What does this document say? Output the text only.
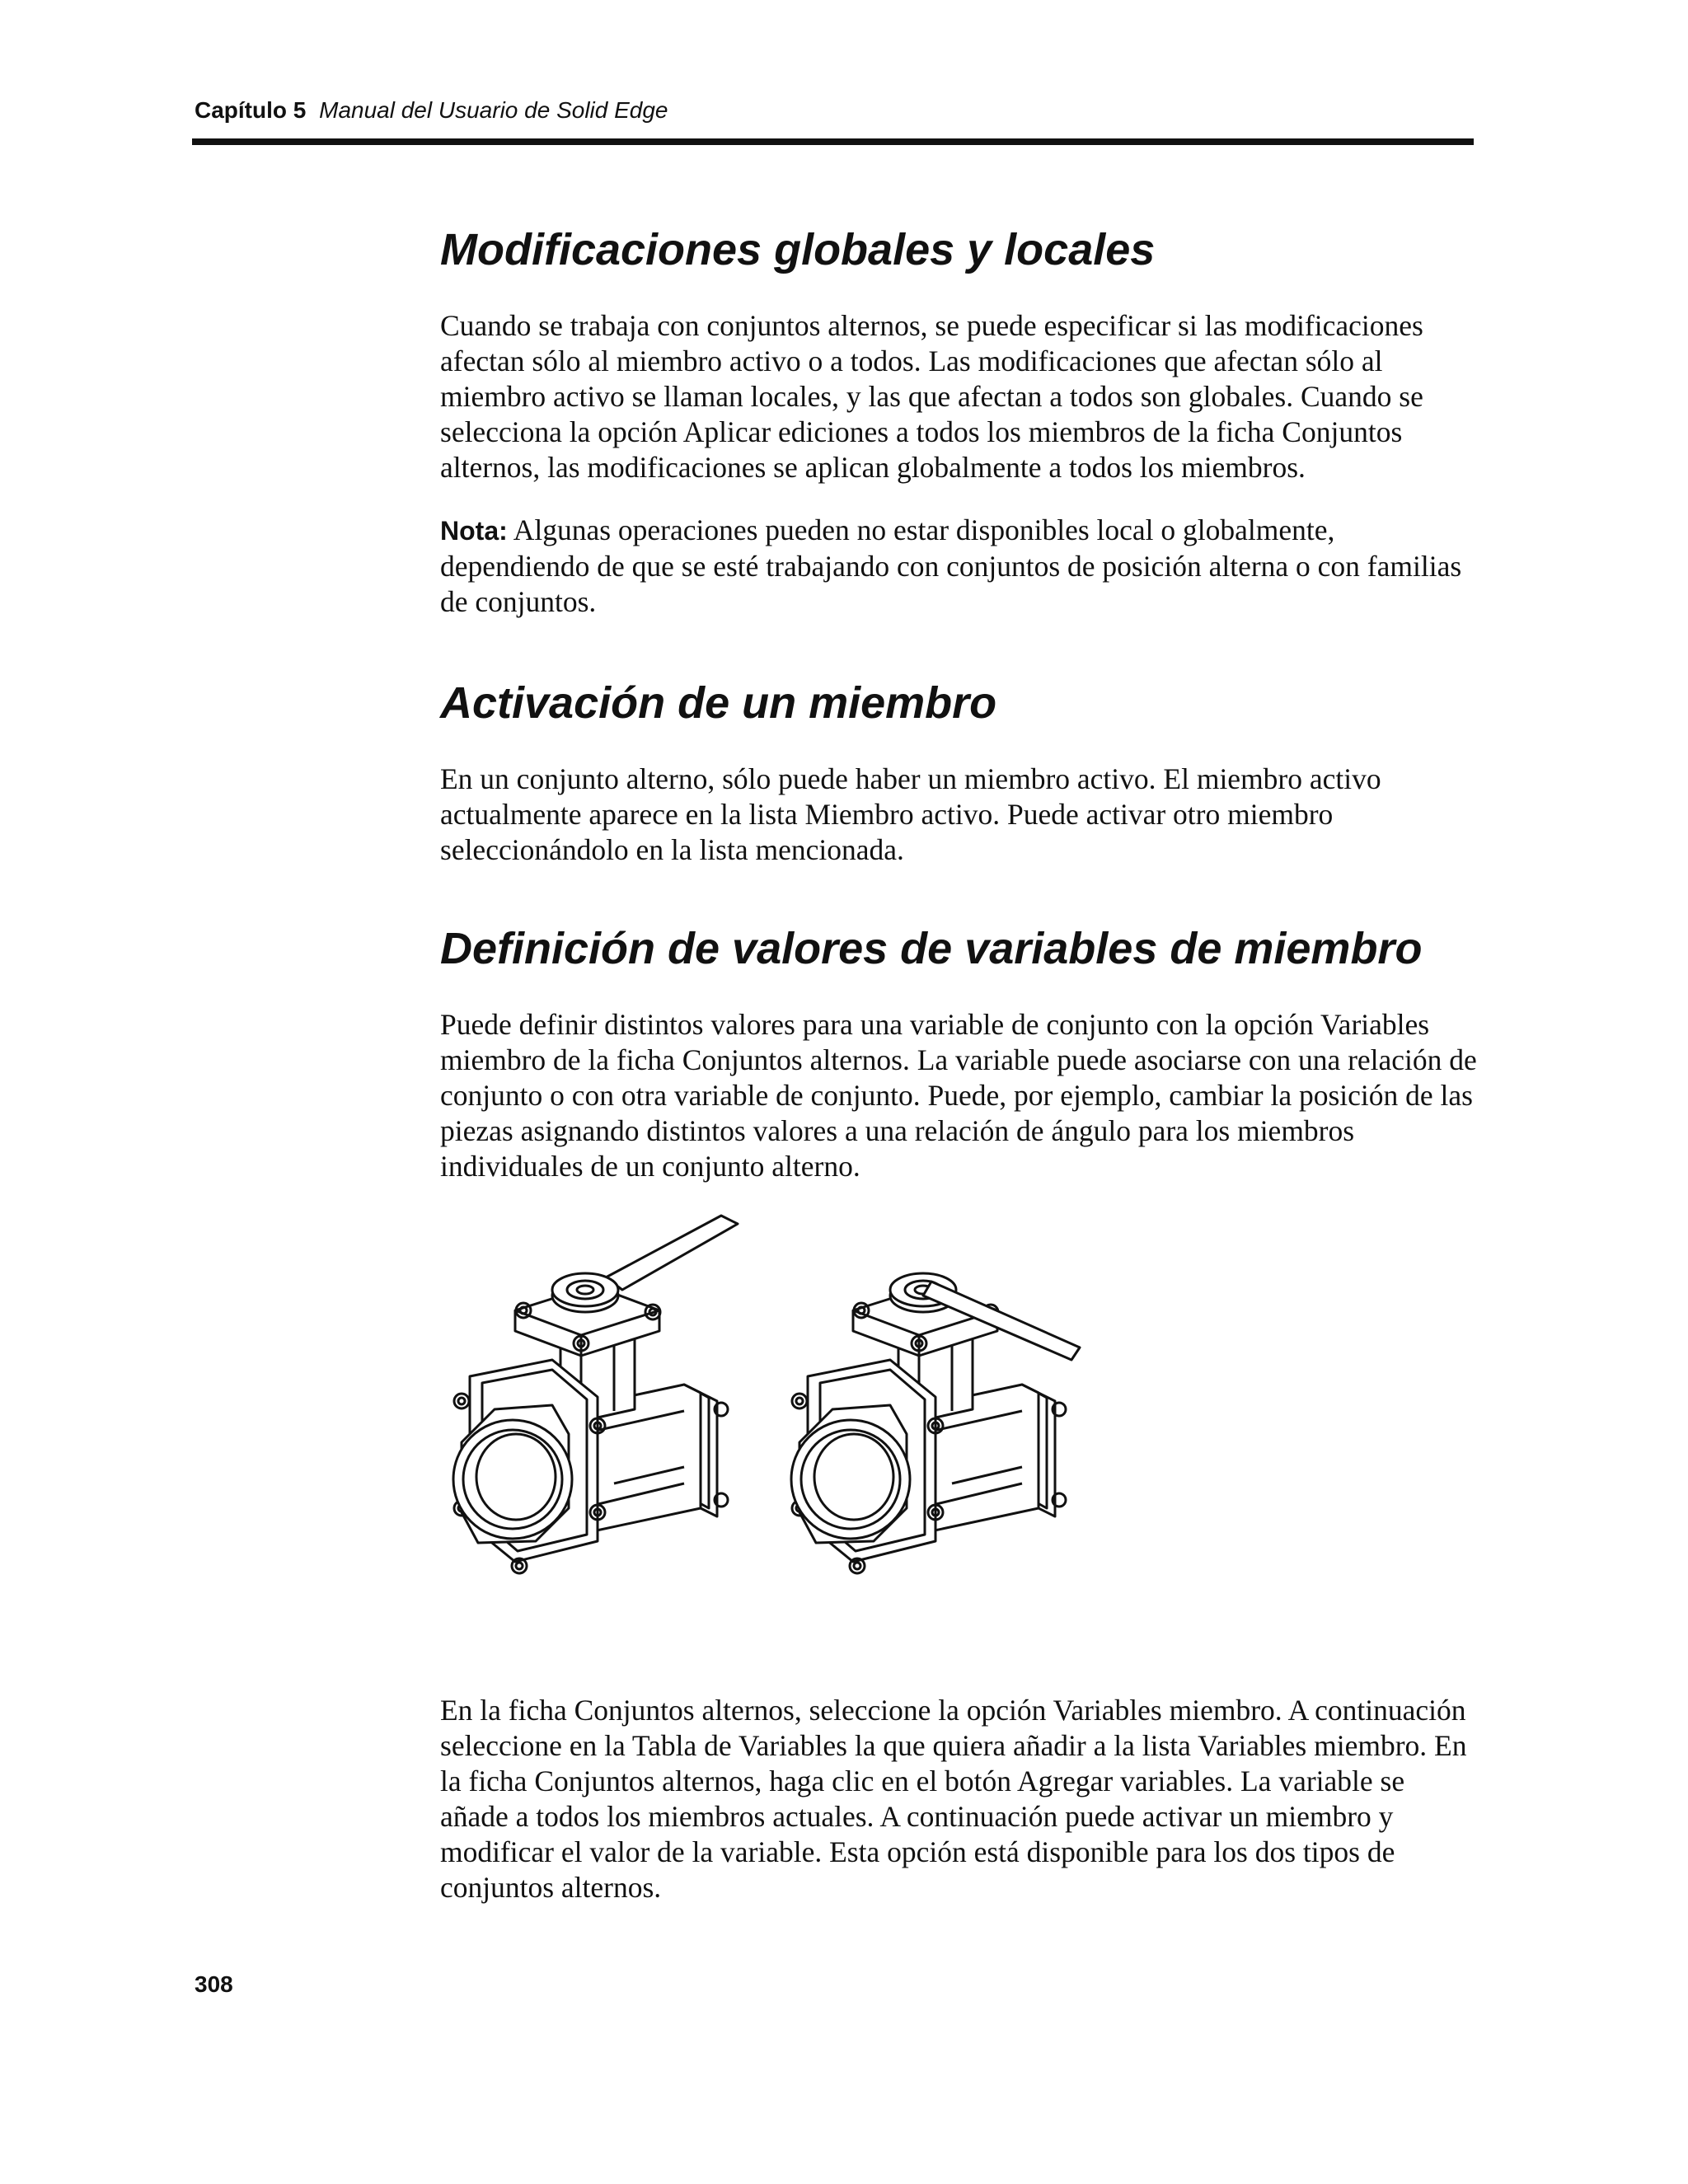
Capítulo 5 Manual del Usuario de Solid Edge
Modificaciones globales y locales

Cuando se trabaja con conjuntos alternos, se puede especificar si las modificaciones afectan sólo al miembro activo o a todos. Las modificaciones que afectan sólo al miembro activo se llaman locales, y las que afectan a todos son globales. Cuando se selecciona la opción Aplicar ediciones a todos los miembros de la ficha Conjuntos alternos, las modificaciones se aplican globalmente a todos los miembros.

Nota: Algunas operaciones pueden no estar disponibles local o globalmente, dependiendo de que se esté trabajando con conjuntos de posición alterna o con familias de conjuntos.

Activación de un miembro

En un conjunto alterno, sólo puede haber un miembro activo. El miembro activo actualmente aparece en la lista Miembro activo. Puede activar otro miembro seleccionándolo en la lista mencionada.

Definición de valores de variables de miembro

Puede definir distintos valores para una variable de conjunto con la opción Variables miembro de la ficha Conjuntos alternos. La variable puede asociarse con una relación de conjunto o con otra variable de conjunto. Puede, por ejemplo, cambiar la posición de las piezas asignando distintos valores a una relación de ángulo para los miembros individuales de un conjunto alterno.

En la ficha Conjuntos alternos, seleccione la opción Variables miembro. A continuación seleccione en la Tabla de Variables la que quiera añadir a la lista Variables miembro. En la ficha Conjuntos alternos, haga clic en el botón Agregar variables. La variable se añade a todos los miembros actuales. A continuación puede activar un miembro y modificar el valor de la variable. Esta opción está disponible para los dos tipos de conjuntos alternos.

308
